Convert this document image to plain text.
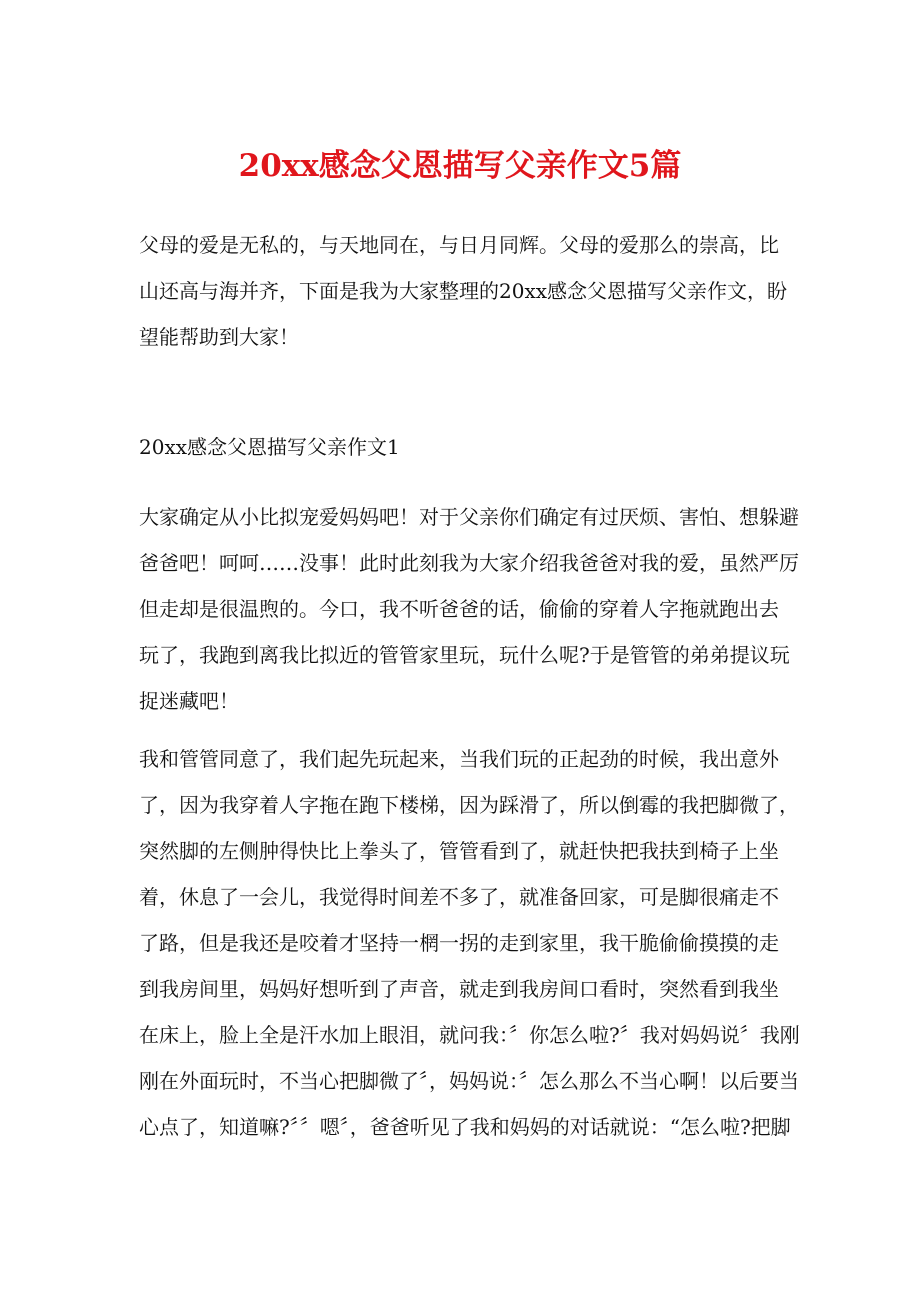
20xx感念父恩描写父亲作文5篇
父母的爱是无私的，与天地同在，与日月同辉。父母的爱那么的崇高，比
山还高与海并齐，下面是我为大家整理的20xx感念父恩描写父亲作文，盼
望能帮助到大家！
20xx感念父恩描写父亲作文1
大家确定从小比拟宠爱妈妈吧！对于父亲你们确定有过厌烦、害怕、想躲避
爸爸吧！呵呵……没事！此时此刻我为大家介绍我爸爸对我的爱，虽然严厉
但走却是很温煦的。今口，我不听爸爸的话，偷偷的穿着人字拖就跑出去
玩了，我跑到离我比拟近的管管家里玩，玩什么呢?于是管管的弟弟提议玩
捉迷藏吧！
我和管管同意了，我们起先玩起来，当我们玩的正起劲的时候，我出意外
了，因为我穿着人字拖在跑下楼梯，因为踩滑了，所以倒霉的我把脚微了，
突然脚的左侧肿得快比上拳头了，管管看到了，就赶快把我扶到椅子上坐
着，休息了一会儿，我觉得时间差不多了，就准备回家，可是脚很痛走不
了路，但是我还是咬着才坚持一棢一拐的走到家里，我干脆偷偷摸摸的走
到我房间里，妈妈好想听到了声音，就走到我房间口看时，突然看到我坐
在床上，脸上全是汗水加上眼泪，就问我：〞你怎么啦?〞我对妈妈说〞我刚
刚在外面玩时，不当心把脚微了〞，妈妈说：〞怎么那么不当心啊！以后要当
心点了，知道嘛?〞〞嗯〞，爸爸听见了我和妈妈的对话就说：“怎么啦?把脚
